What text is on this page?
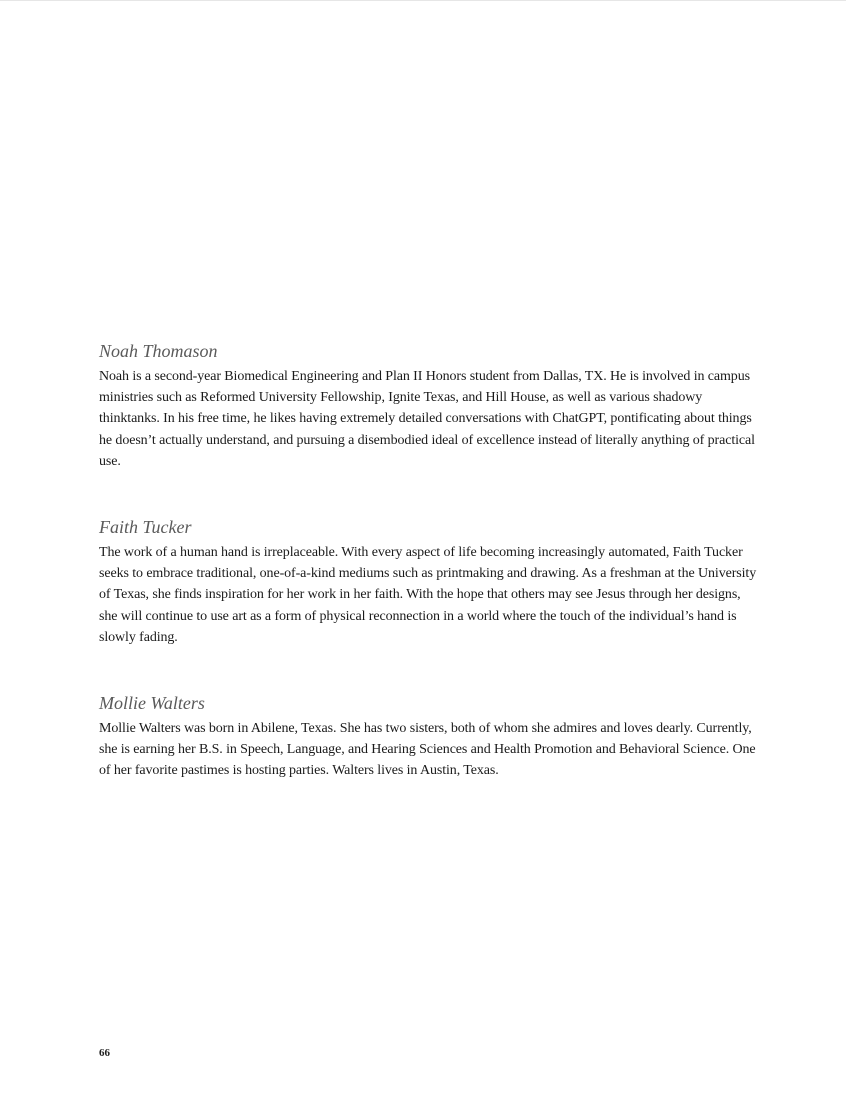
Noah Thomason

Noah is a second-year Biomedical Engineering and Plan II Honors student from Dallas, TX. He is involved in campus ministries such as Reformed University Fellowship, Ignite Texas, and Hill House, as well as various shadowy thinktanks. In his free time, he likes having extremely detailed conversations with ChatGPT, pontificating about things he doesn’t actually understand, and pursuing a disembodied ideal of excellence instead of literally anything of practical use.

Faith Tucker

The work of a human hand is irreplaceable. With every aspect of life becoming increasingly automated, Faith Tucker seeks to embrace traditional, one-of-a-kind mediums such as printmaking and drawing. As a freshman at the University of Texas, she finds inspiration for her work in her faith. With the hope that others may see Jesus through her designs, she will continue to use art as a form of physical reconnection in a world where the touch of the individual’s hand is slowly fading.

Mollie Walters

Mollie Walters was born in Abilene, Texas. She has two sisters, both of whom she admires and loves dearly. Currently, she is earning her B.S. in Speech, Language, and Hearing Sciences and Health Promotion and Behavioral Science. One of her favorite pastimes is hosting parties. Walters lives in Austin, Texas.

66
